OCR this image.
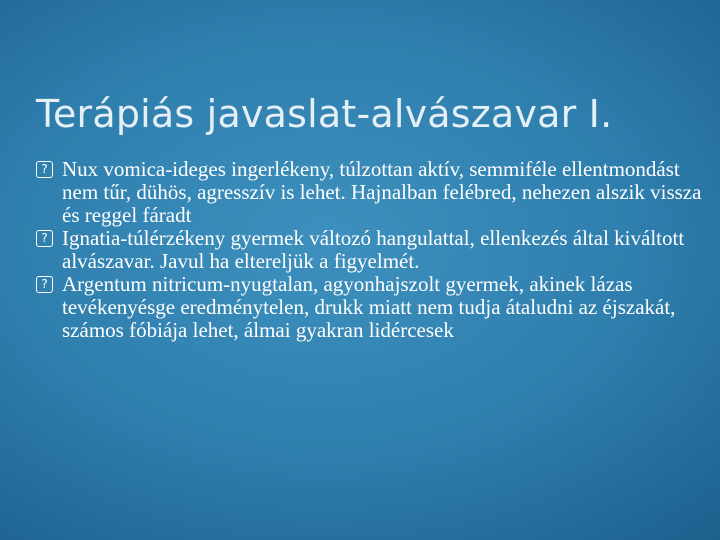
Terápiás javaslat-alvászavar I.
? Nux vomica-ideges ingerlékeny, túlzottan aktív, semmiféle ellentmondást nem tűr, dühös, agresszív is lehet. Hajnalban felébred, nehezen alszik vissza és reggel fáradt
? Ignatia-túlérzékeny gyermek változó hangulattal, ellenkezés által kiváltott alvászavar. Javul ha eltereljük a figyelmét.
? Argentum nitricum-nyugtalan, agyonhajszolt gyermek, akinek lázas tevékenyésge eredménytelen, drukk miatt nem tudja átaludni az éjszakát, számos fóbiája lehet, álmai gyakran lidércesek
